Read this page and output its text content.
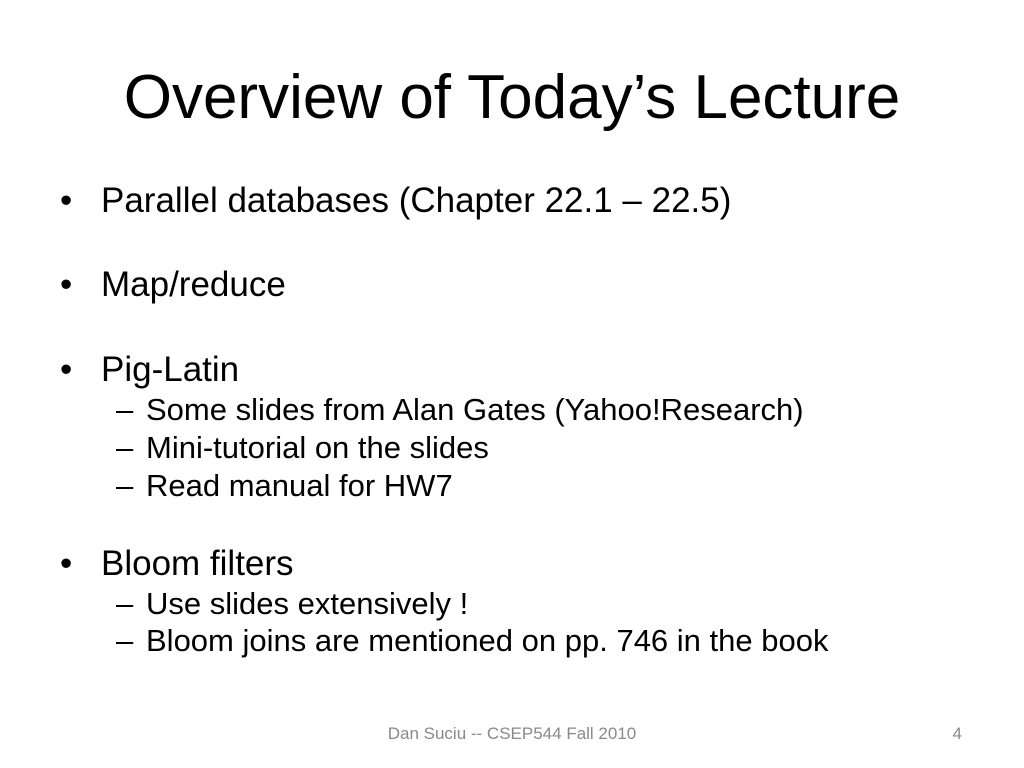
Overview of Today’s Lecture
• Parallel databases (Chapter 22.1 – 22.5)
• Map/reduce
• Pig-Latin
– Some slides from Alan Gates (Yahoo!Research)
– Mini-tutorial on the slides
– Read manual for HW7
• Bloom filters
– Use slides extensively !
– Bloom joins are mentioned on pp. 746 in the book
Dan Suciu -- CSEP544 Fall 2010	4
